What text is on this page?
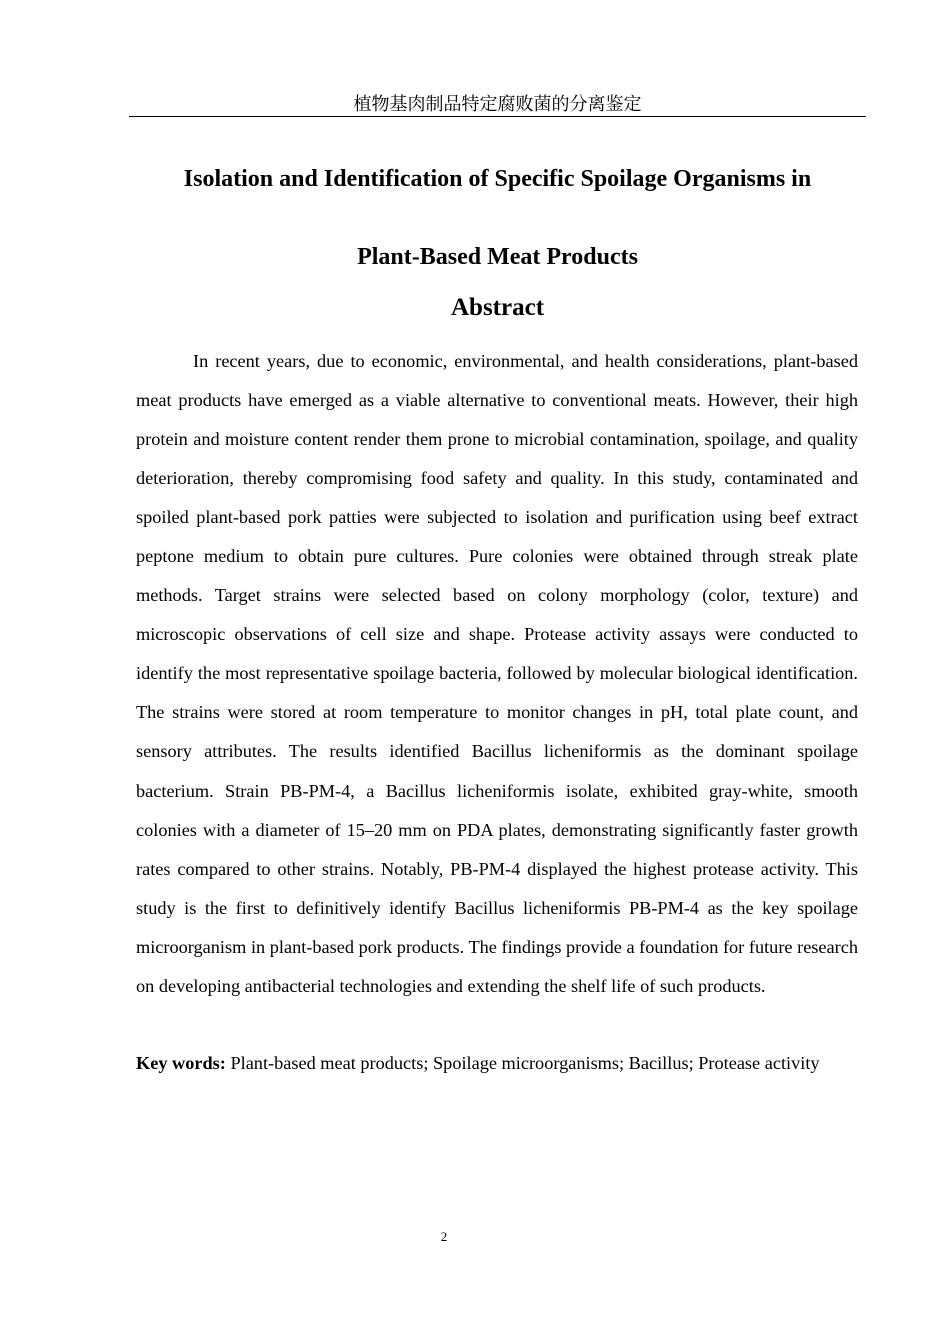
植物基肉制品特定腐败菌的分离鉴定
Isolation and Identification of Specific Spoilage Organisms in
Plant-Based Meat Products
Abstract

In recent years, due to economic, environmental, and health considerations, plant-based meat products have emerged as a viable alternative to conventional meats. However, their high protein and moisture content render them prone to microbial contamination, spoilage, and quality deterioration, thereby compromising food safety and quality. In this study, contaminated and spoiled plant-based pork patties were subjected to isolation and purification using beef extract peptone medium to obtain pure cultures. Pure colonies were obtained through streak plate methods. Target strains were selected based on colony morphology (color, texture) and microscopic observations of cell size and shape. Protease activity assays were conducted to identify the most representative spoilage bacteria, followed by molecular biological identification. The strains were stored at room temperature to monitor changes in pH, total plate count, and sensory attributes. The results identified Bacillus licheniformis as the dominant spoilage bacterium. Strain PB-PM-4, a Bacillus licheniformis isolate, exhibited gray-white, smooth colonies with a diameter of 15–20 mm on PDA plates, demonstrating significantly faster growth rates compared to other strains. Notably, PB-PM-4 displayed the highest protease activity. This study is the first to definitively identify Bacillus licheniformis PB-PM-4 as the key spoilage microorganism in plant-based pork products. The findings provide a foundation for future research on developing antibacterial technologies and extending the shelf life of such products.

Key words: Plant-based meat products; Spoilage microorganisms; Bacillus; Protease activity

2
